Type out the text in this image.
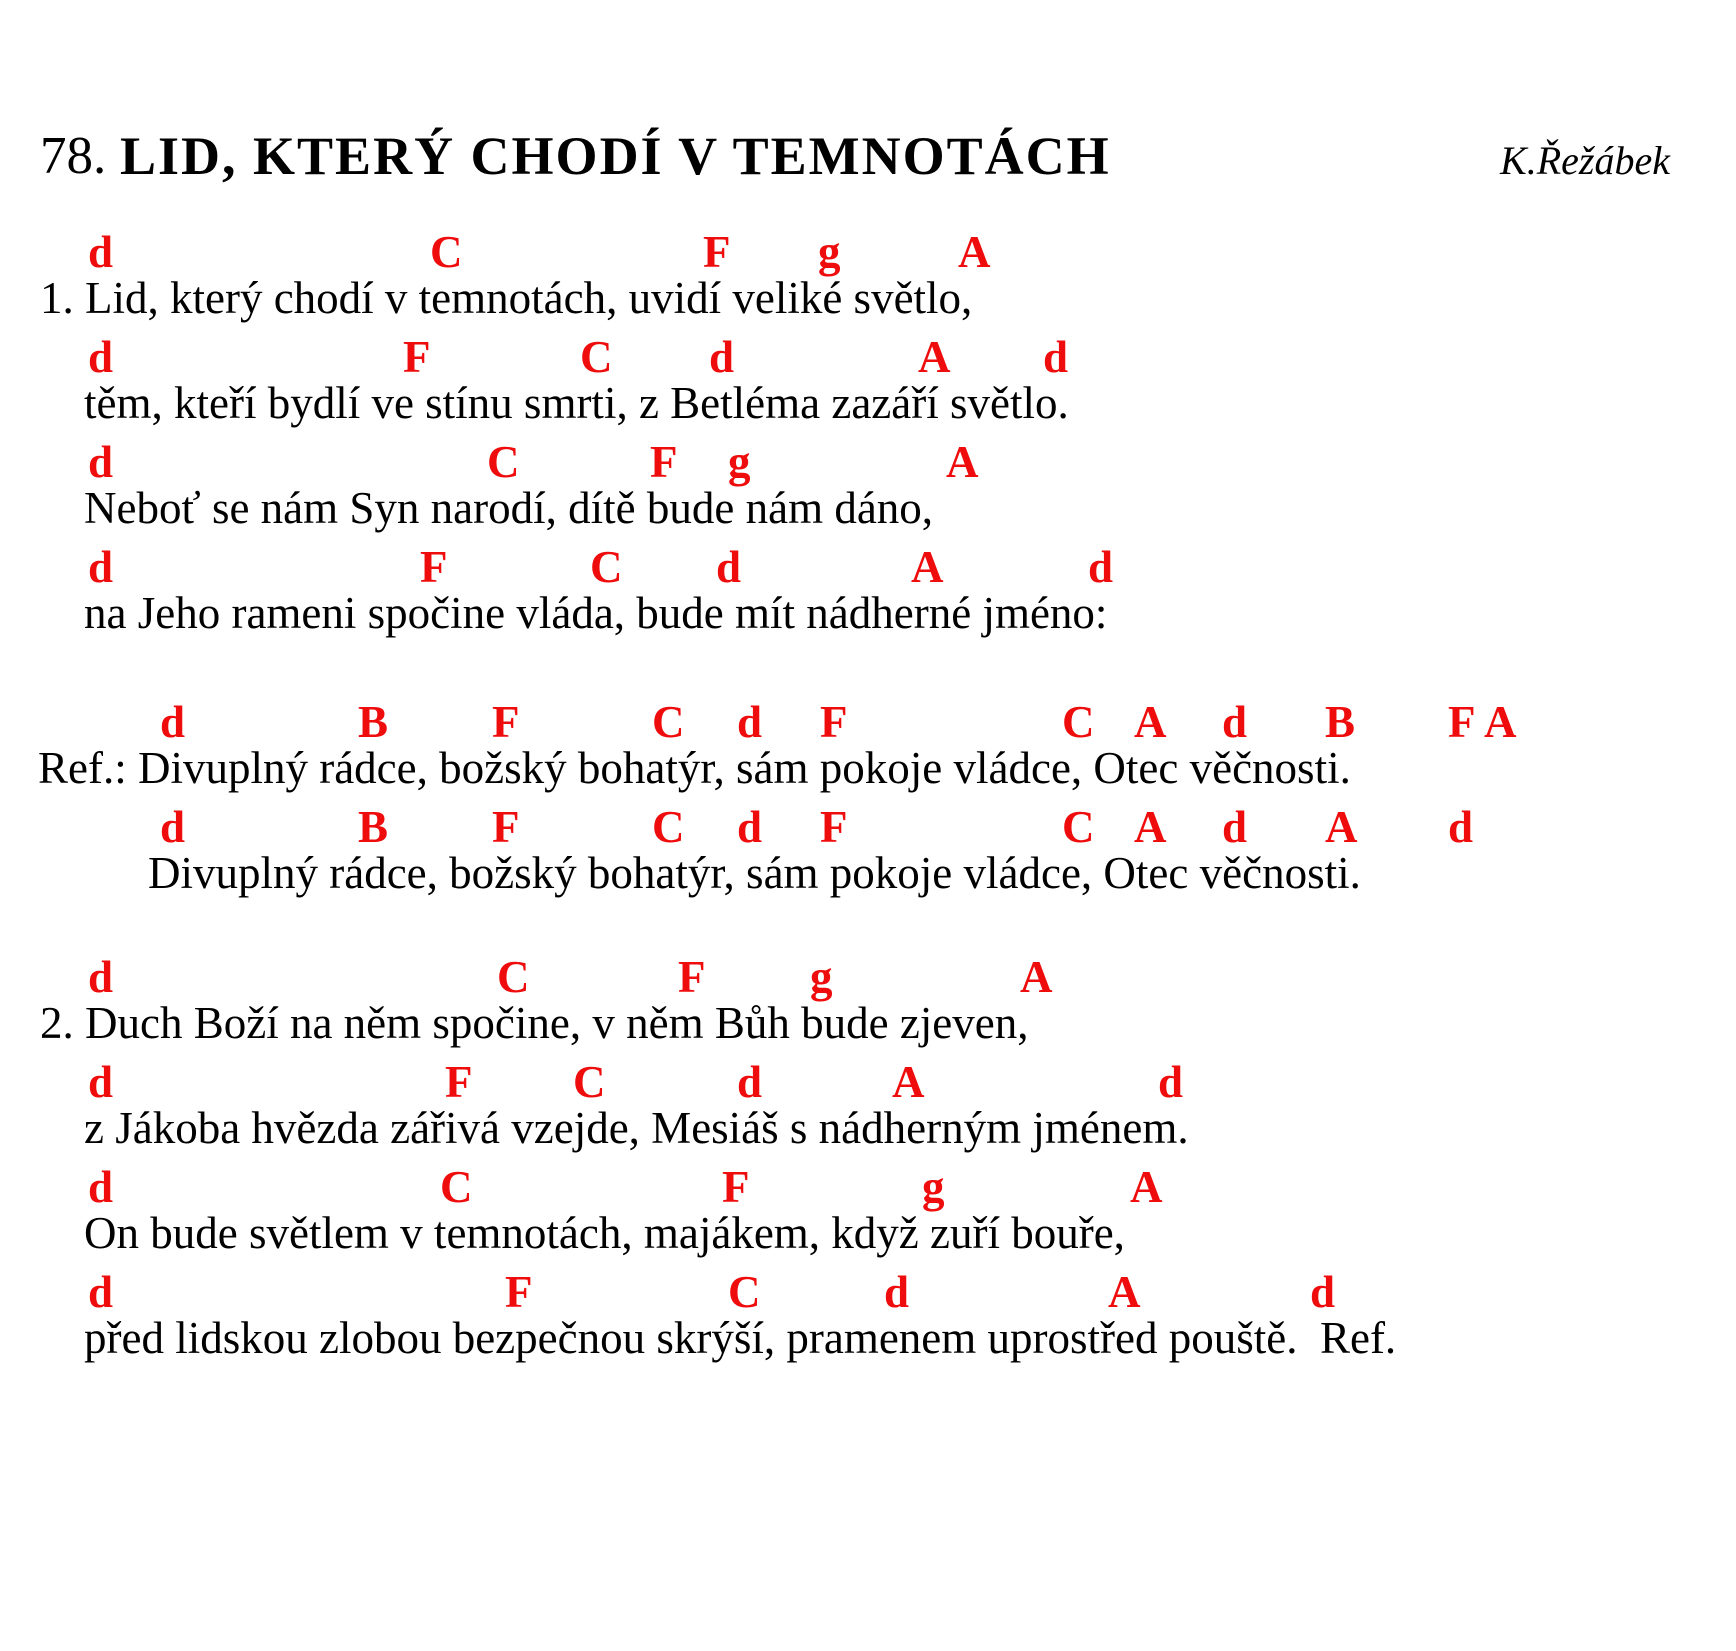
78. LID, KTERÝ CHODÍ V TEMNOTÁCH	K.Řežábek
d	C	F g	A
1. Lid, který chodí v temnotách, uvidí veliké světlo,
d	F	C d	A d
těm, kteří bydlí ve stínu smrti, z Betléma zazáří světlo.
d	C	F g	A
Neboť se nám Syn narodí, dítě bude nám dáno,
d	F	C d	A	d
na Jeho rameni spočine vláda, bude mít nádherné jméno:
d	B F	C d F	C A d B F A
Ref.: Divuplný rádce, božský bohatýr, sám pokoje vládce, Otec věčnosti.
d	B F	C d F	C A d A d
Divuplný rádce, božský bohatýr, sám pokoje vládce, Otec věčnosti.
d	C	F g	A
2. Duch Boží na něm spočine, v něm Bůh bude zjeven,
d	F C	d	A	d
z Jákoba hvězda zářivá vzejde, Mesiáš s nádherným jménem.
d	C	F	g	A
On bude světlem v temnotách, majákem, když zuří bouře,
d	F	C	d	A	d
před lidskou zlobou bezpečnou skrýší, pramenem uprostřed pouště.  Ref.
